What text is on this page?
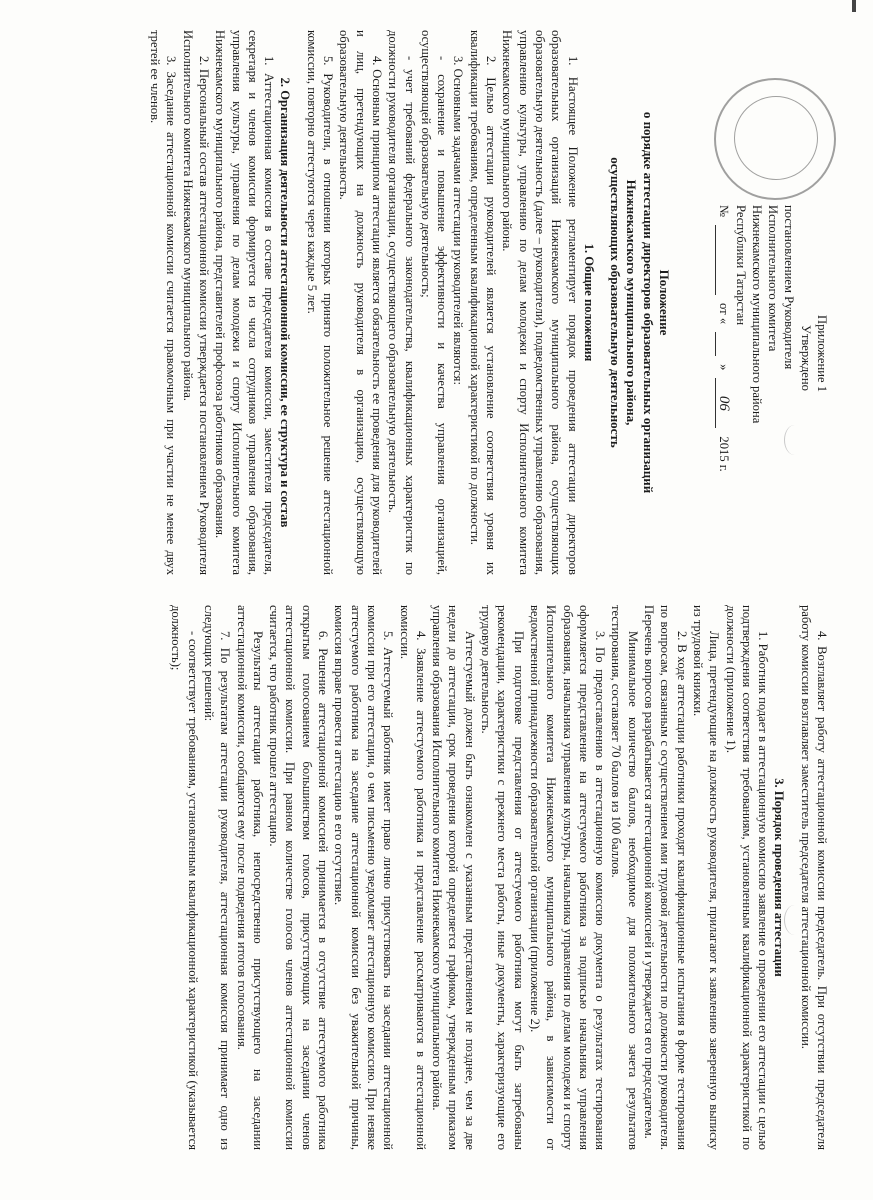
Приложение 1
Утверждено
постановлением Руководителя
Исполнительного комитета
Нижнекамского муниципального района
Республики Татарстан
№
от «
»
06
2015 г.

Положение

о порядке аттестации директоров образовательных организаций

Нижнекамского муниципального района,

осуществляющих образовательную деятельность

1. Общие положения

1. Настоящее Положение регламентирует порядок проведения аттестации директоров образовательных организаций Нижнекамского муниципального района, осуществляющих образовательную деятельность (далее – руководители), подведомственных управлению образования, управлению культуры, управлению по делам молодежи и спорту Исполнительного комитета Нижнекамского муниципального района.

2. Целью аттестации руководителей является установление соответствия уровня их квалификации требованиям, определенным квалификационной характеристикой по должности.

3. Основными задачами аттестации руководителей являются:

- сохранение и повышение эффективности и качества управления организацией, осуществляющей образовательную деятельность;

- учет требований федерального законодательства, квалификационных характеристик по должности руководителя организации, осуществляющего образовательную деятельность.

4. Основным принципом аттестации является обязательность ее проведения для руководителей и лиц, претендующих на должность руководителя в организацию, осуществляющую образовательную деятельность.

5. Руководители, в отношении которых принято положительное решение аттестационной комиссии, повторно аттестуются через каждые 5 лет.

2. Организация деятельности аттестационной комиссии, ее структура и состав

1. Аттестационная комиссия в составе председателя комиссии, заместителя председателя, секретаря и членов комиссии формируется из числа сотрудников управления образования, управления культуры, управления по делам молодежи и спорту Исполнительного комитета Нижнекамского муниципального района, представителей профсоюза работников образования.

2. Персональный состав аттестационной комиссии утверждается постановлением Руководителя Исполнительного комитета Нижнекамского муниципального района.

3. Заседание аттестационной комиссии считается правомочным при участии не менее двух третей ее членов.

4. Возглавляет работу аттестационной комиссии председатель. При отсутствии председателя работу комиссии возглавляет заместитель председателя аттестационной комиссии.

3. Порядок проведения аттестации

1. Работник подает в аттестационную комиссию заявление о проведении его аттестации с целью подтверждения соответствия требованиям, установленным квалификационной характеристикой по должности (приложение 1).

Лица, претендующие на должность руководителя, прилагают к заявлению заверенную выписку из трудовой книжки.

2. В ходе аттестации работники проходят квалификационные испытания в форме тестирования по вопросам, связанным с осуществлением ими трудовой деятельности по должности руководителя. Перечень вопросов разрабатывается аттестационной комиссией и утверждается его председателем.

Минимальное количество баллов, необходимое для положительного зачета результатов тестирования, составляет 70 баллов из 100 баллов.

3. По предоставлению в аттестационную комиссию документа о результатах тестирования оформляется представление на аттестуемого работника за подписью начальника управления образования, начальника управления культуры, начальника управления по делам молодежи и спорту Исполнительного комитета Нижнекамского муниципального района, в зависимости от ведомственной принадлежности образовательной организации (приложение 2).

При подготовке представления от аттестуемого работника могут быть затребованы рекомендации, характеристики с прежнего места работы, иные документы, характеризующие его трудовую деятельность.

Аттестуемый должен быть ознакомлен с указанным представлением не позднее, чем за две недели до аттестации, срок проведения которой определяется графиком, утвержденным приказом управления образования Исполнительного комитета Нижнекамского муниципального района.

4. Заявление аттестуемого работника и представление рассматриваются в аттестационной комиссии.

5. Аттестуемый работник имеет право лично присутствовать на заседании аттестационной комиссии при его аттестации, о чем письменно уведомляет аттестационную комиссию. При неявке аттестуемого работника на заседание аттестационной комиссии без уважительной причины, комиссия вправе провести аттестацию в его отсутствие.

6. Решение аттестационной комиссией принимается в отсутствие аттестуемого работника открытым голосованием большинством голосов, присутствующих на заседании членов аттестационной комиссии. При равном количестве голосов членов аттестационной комиссии считается, что работник прошел аттестацию.

Результаты аттестации работника, непосредственно присутствующего на заседании аттестационной комиссии, сообщаются ему после подведения итогов голосования.

7. По результатам аттестации руководителя, аттестационная комиссия принимает одно из следующих решений:

- соответствует требованиям, установленным квалификационной характеристикой (указывается должность);
